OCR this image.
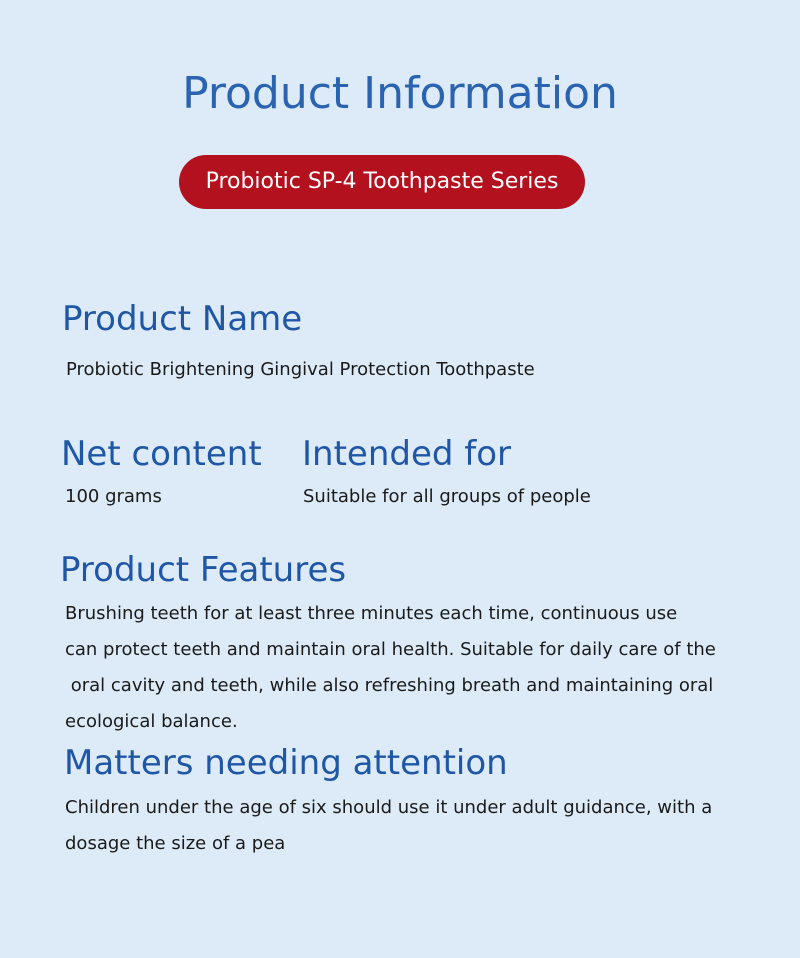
Product Information
Probiotic SP-4 Toothpaste Series
Product Name
Probiotic Brightening Gingival Protection Toothpaste
Net content
100 grams
Intended for
Suitable for all groups of people
Product Features
Brushing teeth for at least three minutes each time, continuous use
can protect teeth and maintain oral health. Suitable for daily care of the
oral cavity and teeth, while also refreshing breath and maintaining oral
ecological balance.
Matters needing attention
Children under the age of six should use it under adult guidance, with a
dosage the size of a pea
